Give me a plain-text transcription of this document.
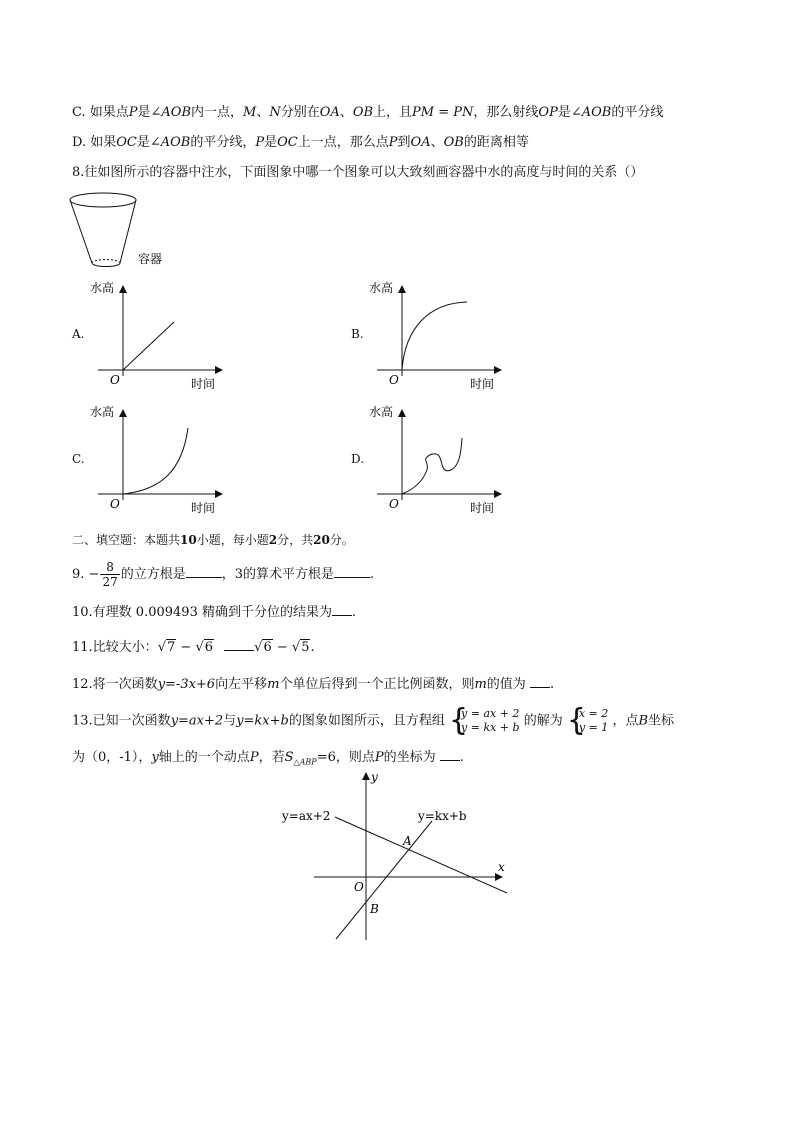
C. 如果点P是∠AOB内一点，M、N分别在OA、OB上，且PM = PN，那么射线OP是∠AOB的平分线
D. 如果OC是∠AOB的平分线，P是OC上一点，那么点P到OA、OB的距离相等
8.往如图所示的容器中注水，下面图象中哪一个图象可以大致刻画容器中水的高度与时间的关系（）
容器
A.	B.
C.	D.
水高
时间
O
水高
时间
O
水高
时间
O
水高
时间
O
二、填空题：本题共10小题，每小题2分，共20分。
9. − $\frac{8}{27}$ 的立方根是	，3的算术平方根是	.
10.有理数 0.009493 精确到千分位的结果为 .
11.比较大小：√7 − √6	√6 − √5.
12.将一次函数y=-3x+6向左平移m个单位后得到一个正比例函数，则m的值为 .
13.已知一次函数y=ax+2与y=kx+b的图象如图所示，且方程组 {
y = ax + 2
y = kx + b 的解为 {
x = 2
y = 1 ，点B坐标
为（0，-1），y轴上的一个动点P，若$S_{\triangle ABP}=6$，则点P的坐标为 .
y=ax+2	y=kx+b
y
x
O
A
B
